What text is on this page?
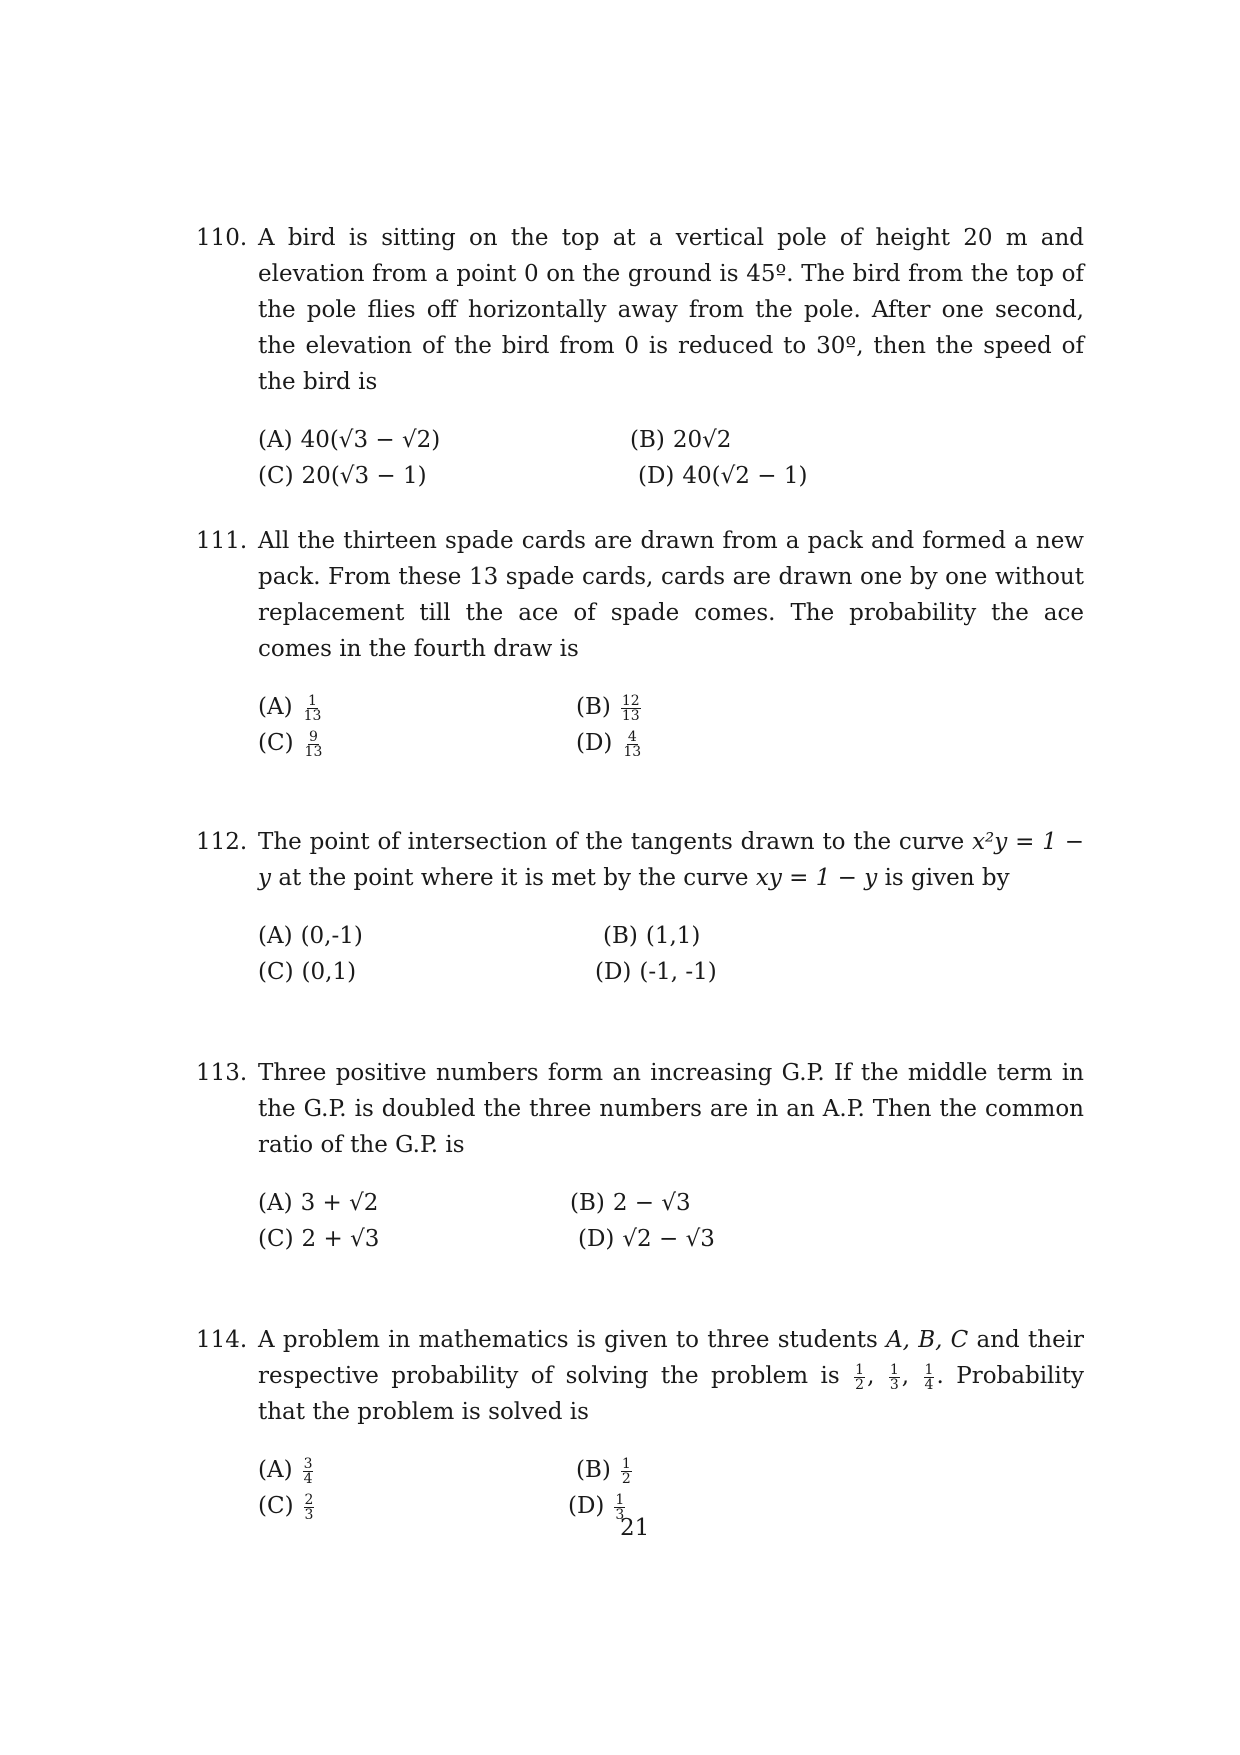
110. A bird is sitting on the top at a vertical pole of height 20 m and elevation from a point 0 on the ground is 45º. The bird from the top of the pole flies off horizontally away from the pole. After one second, the elevation of the bird from 0 is reduced to 30º, then the speed of the bird is
(A) 40(√3 − √2)	(B) 20√2
(C) 20(√3 − 1)	(D) 40(√2 − 1)
111. All the thirteen spade cards are drawn from a pack and formed a new pack. From these 13 spade cards, cards are drawn one by one without replacement till the ace of spade comes. The probability the ace comes in the fourth draw is
$(A) \frac{1}{13}$	$(B) \frac{12}{13}$
$(C) \frac{9}{13}$	$(D) \frac{4}{13}$
112. The point of intersection of the tangents drawn to the curve x²y = 1 − y at the point where it is met by the curve xy = 1 − y is given by
(A) (0,-1)	(B) (1,1)
(C) (0,1)	(D) (-1, -1)
113. Three positive numbers form an increasing G.P. If the middle term in the G.P. is doubled the three numbers are in an A.P. Then the common ratio of the G.P. is
(A) 3 + √2	(B) 2 − √3
(C) 2 + √3	(D) √2 − √3
114. A problem in mathematics is given to three students A, B, C and their respective probability of solving the problem is $\frac{1}{2}$ , $\frac{1}{3}$ , $\frac{1}{4}$ . Probability that the problem is solved is
$(A) \frac{3}{4}$	$(B) \frac{1}{2}$
$(C) \frac{2}{3}$	$(D) \frac{1}{3}$
21
